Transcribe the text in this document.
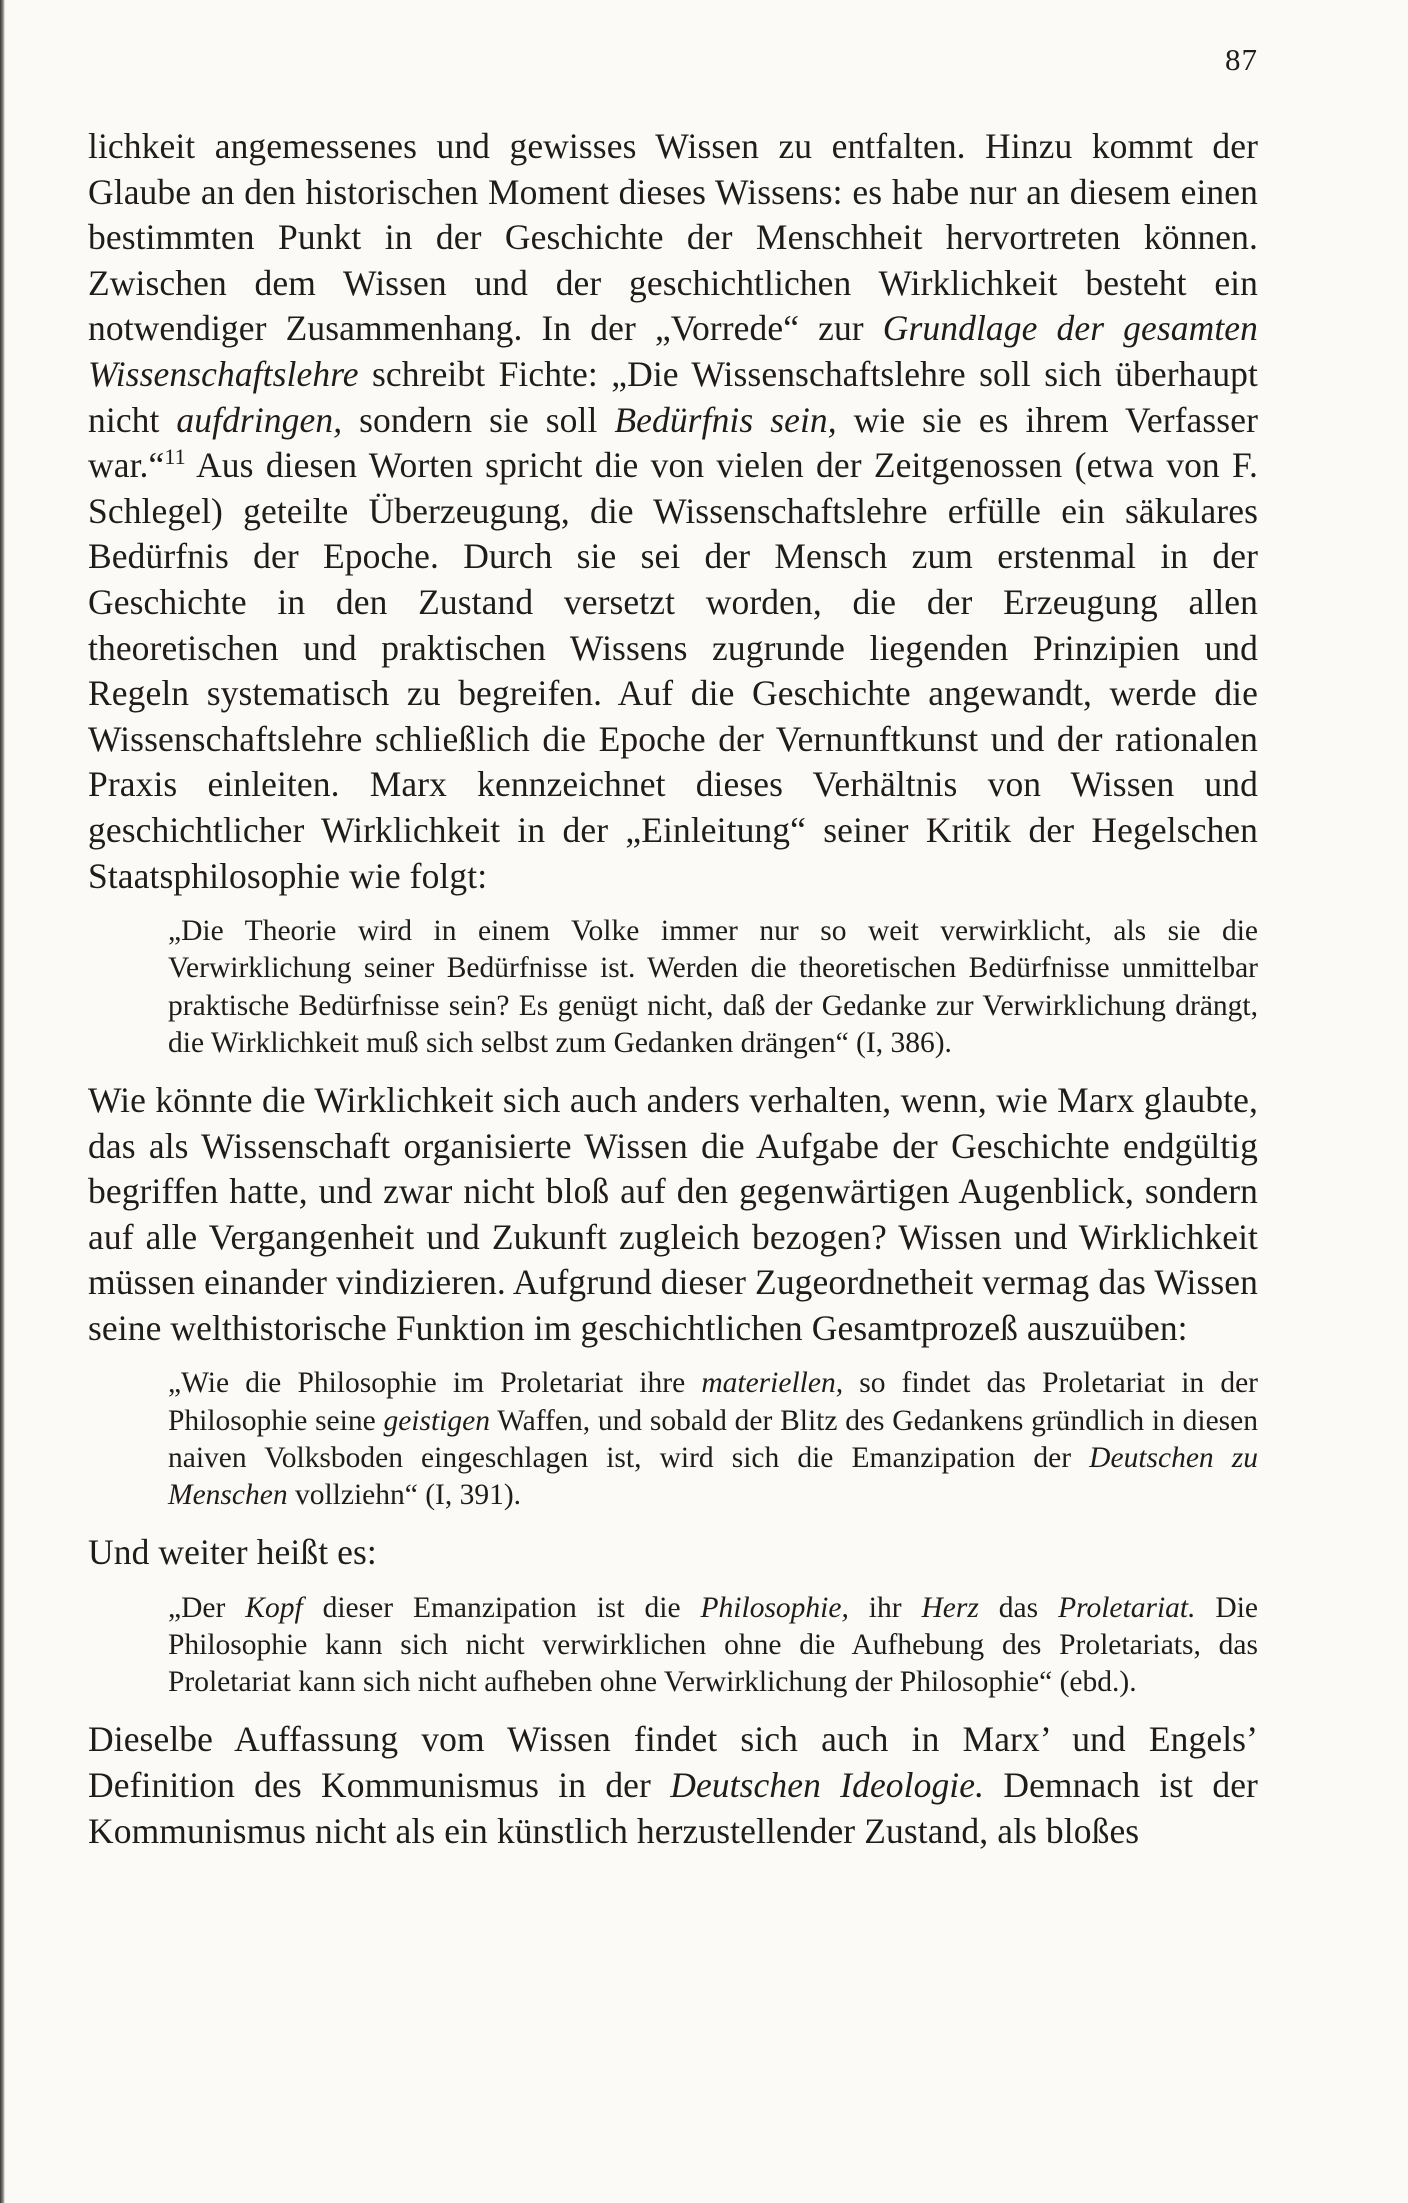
87

lichkeit angemessenes und gewisses Wissen zu entfalten. Hinzu kommt der Glaube an den historischen Moment dieses Wissens: es habe nur an diesem einen bestimmten Punkt in der Geschichte der Menschheit hervortreten können. Zwischen dem Wissen und der geschichtlichen Wirklichkeit besteht ein notwendiger Zusammenhang. In der „Vorrede“ zur Grundlage der gesamten Wissenschaftslehre schreibt Fichte: „Die Wissenschaftslehre soll sich überhaupt nicht aufdringen, sondern sie soll Bedürfnis sein, wie sie es ihrem Verfasser war.“$^{11}$ Aus diesen Worten spricht die von vielen der Zeitgenossen (etwa von F. Schlegel) geteilte Überzeugung, die Wissenschaftslehre erfülle ein säkulares Bedürfnis der Epoche. Durch sie sei der Mensch zum erstenmal in der Geschichte in den Zustand versetzt worden, die der Erzeugung allen theoretischen und praktischen Wissens zugrunde liegenden Prinzipien und Regeln systematisch zu begreifen. Auf die Geschichte angewandt, werde die Wissenschaftslehre schließlich die Epoche der Vernunftkunst und der rationalen Praxis einleiten. Marx kennzeichnet dieses Verhältnis von Wissen und geschichtlicher Wirklichkeit in der „Einleitung“ seiner Kritik der Hegelschen Staatsphilosophie wie folgt:

„Die Theorie wird in einem Volke immer nur so weit verwirklicht, als sie die Verwirklichung seiner Bedürfnisse ist. Werden die theoretischen Bedürfnisse unmittelbar praktische Bedürfnisse sein? Es genügt nicht, daß der Gedanke zur Verwirklichung drängt, die Wirklichkeit muß sich selbst zum Gedanken drängen“ (I, 386).

Wie könnte die Wirklichkeit sich auch anders verhalten, wenn, wie Marx glaubte, das als Wissenschaft organisierte Wissen die Aufgabe der Geschichte endgültig begriffen hatte, und zwar nicht bloß auf den gegenwärtigen Augenblick, sondern auf alle Vergangenheit und Zukunft zugleich bezogen? Wissen und Wirklichkeit müssen einander vindizieren. Aufgrund dieser Zugeordnetheit vermag das Wissen seine welthistorische Funktion im geschichtlichen Gesamtprozeß auszuüben:

„Wie die Philosophie im Proletariat ihre materiellen, so findet das Proletariat in der Philosophie seine geistigen Waffen, und sobald der Blitz des Gedankens gründlich in diesen naiven Volksboden eingeschlagen ist, wird sich die Emanzipation der Deutschen zu Menschen vollziehn“ (I, 391).

Und weiter heißt es:

„Der Kopf dieser Emanzipation ist die Philosophie, ihr Herz das Proletariat. Die Philosophie kann sich nicht verwirklichen ohne die Aufhebung des Proletariats, das Proletariat kann sich nicht aufheben ohne Verwirklichung der Philosophie“ (ebd.).

Dieselbe Auffassung vom Wissen findet sich auch in Marx’ und Engels’ Definition des Kommunismus in der Deutschen Ideologie. Demnach ist der Kommunismus nicht als ein künstlich herzustellender Zustand, als bloßes
